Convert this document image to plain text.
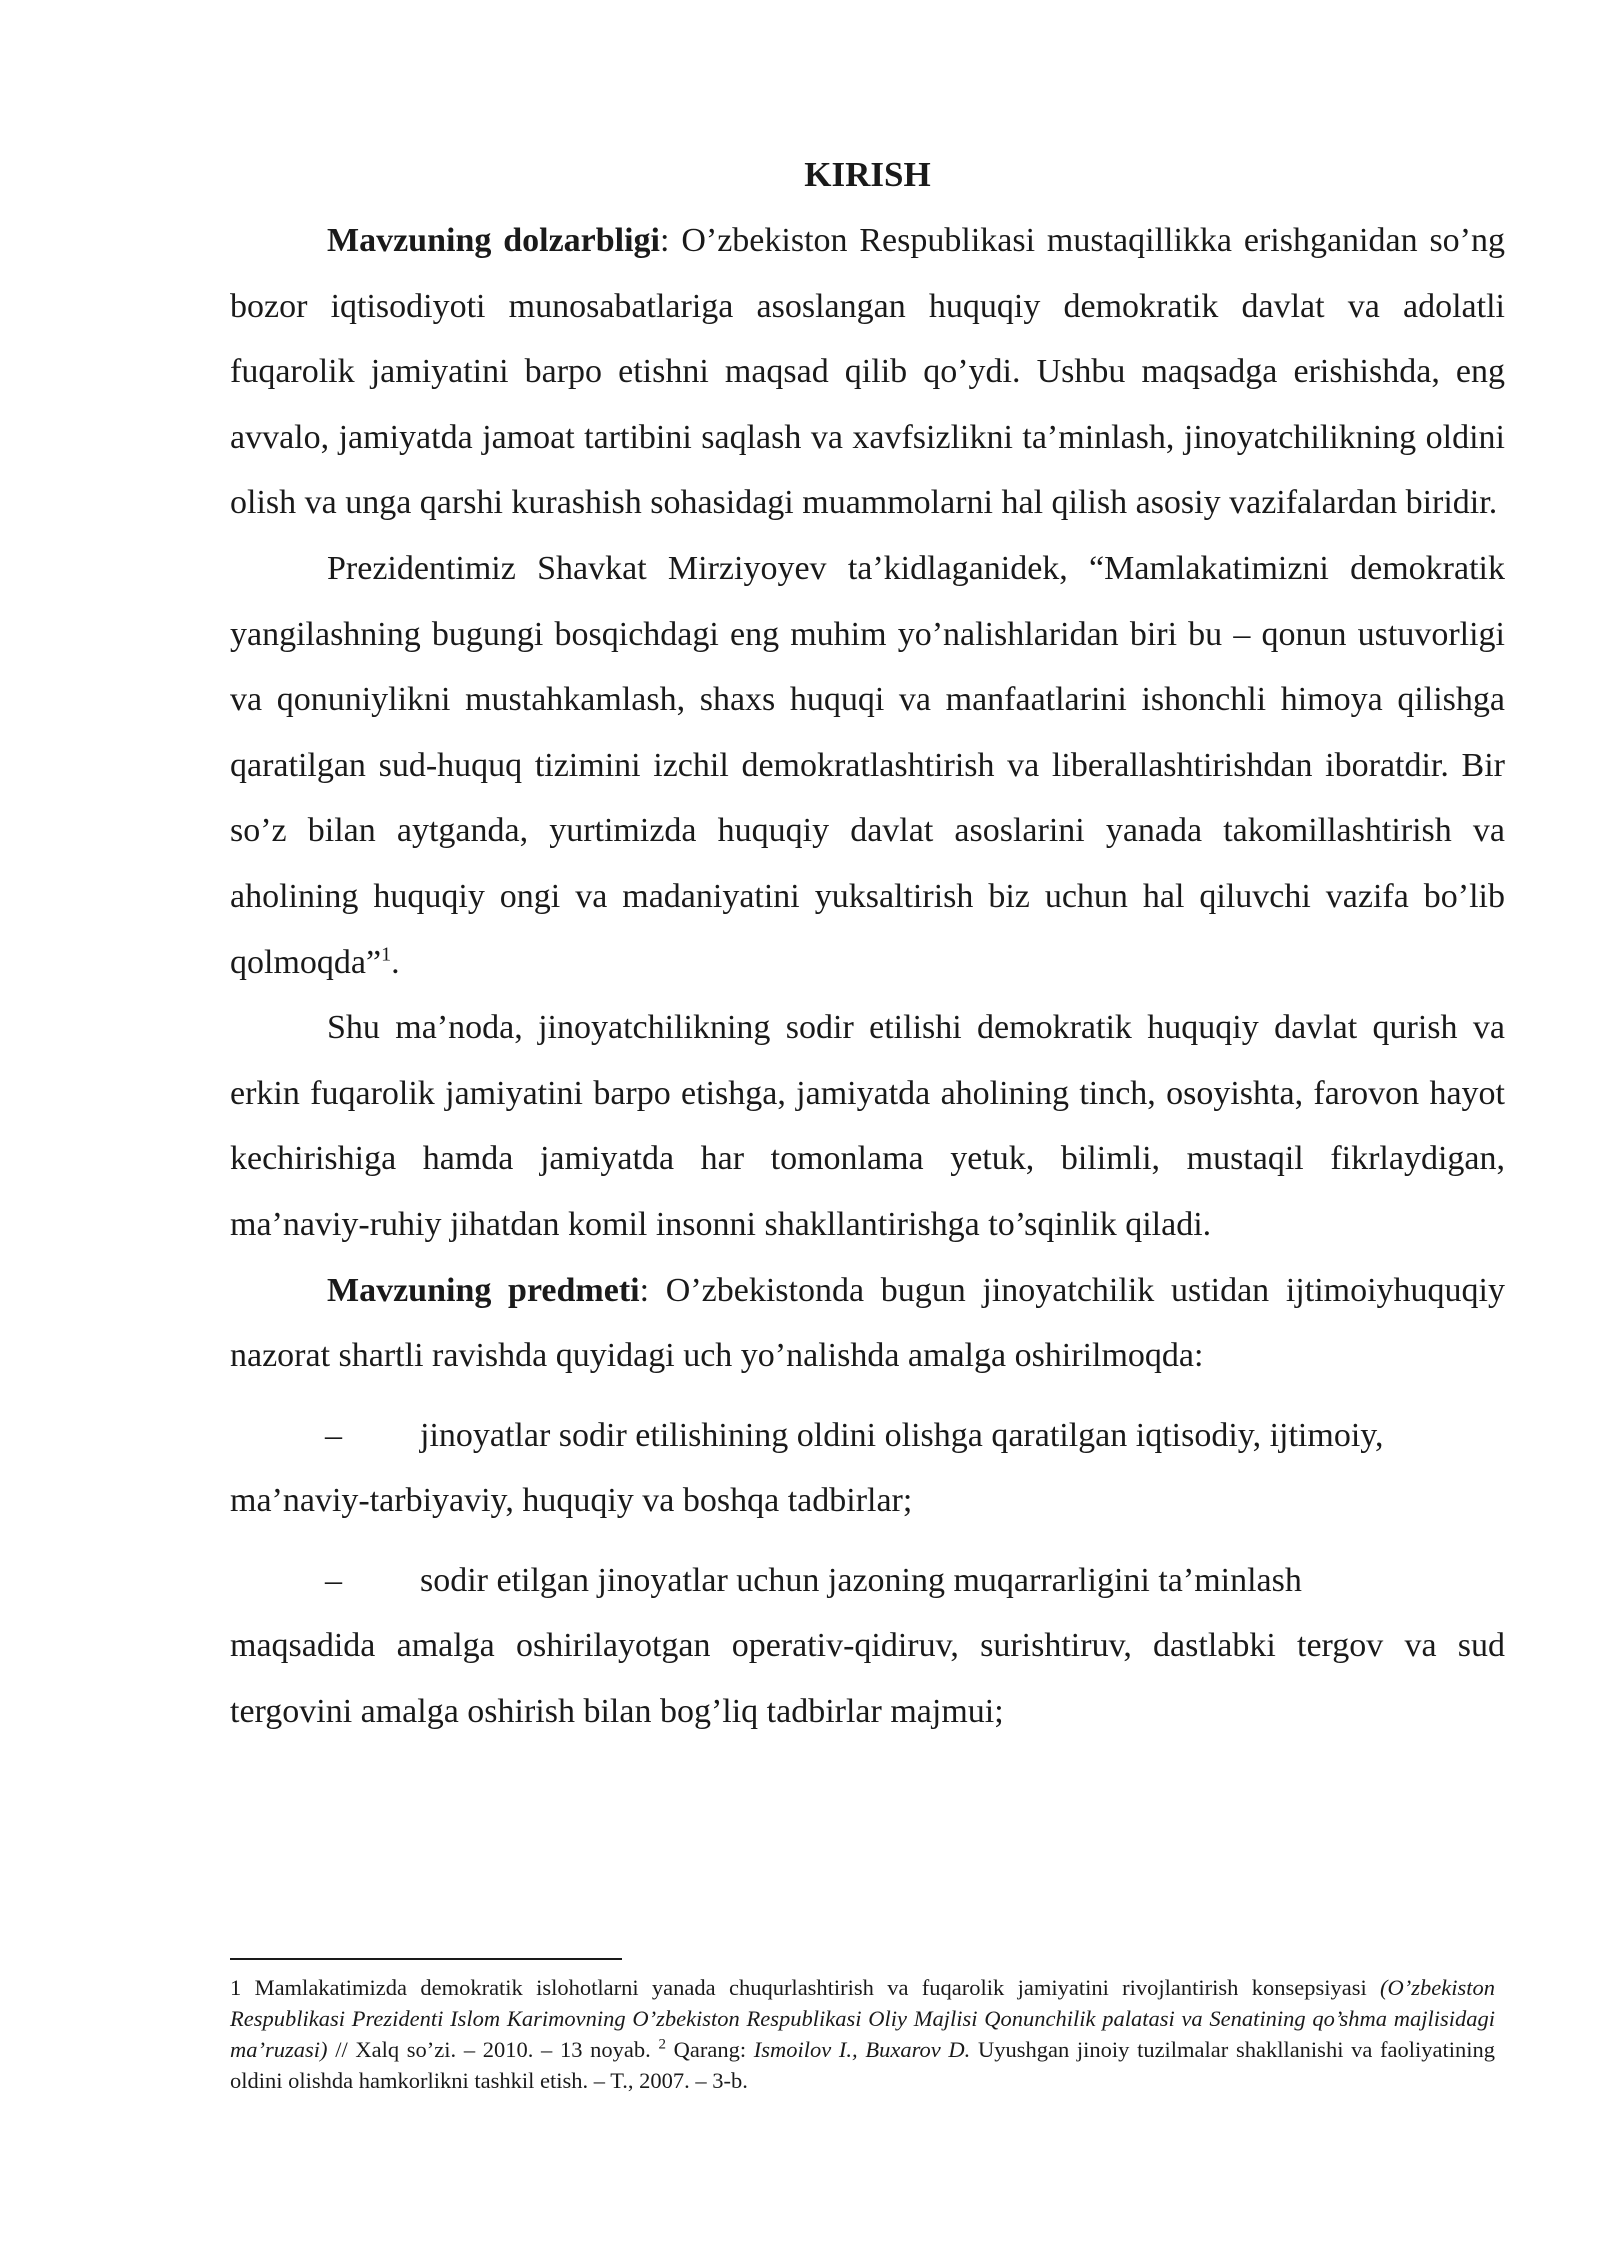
KIRISH

Mavzuning dolzarbligi: O’zbekiston Respublikasi mustaqillikka erishganidan so’ng bozor iqtisodiyoti munosabatlariga asoslangan huquqiy demokratik davlat va adolatli fuqarolik jamiyatini barpo etishni maqsad qilib qo’ydi. Ushbu maqsadga erishishda, eng avvalo, jamiyatda jamoat tartibini saqlash va xavfsizlikni ta’minlash, jinoyatchilikning oldini olish va unga qarshi kurashish sohasidagi muammolarni hal qilish asosiy vazifalardan biridir.

Prezidentimiz Shavkat Mirziyoyev ta’kidlaganidek, “Mamlakatimizni demokratik yangilashning bugungi bosqichdagi eng muhim yo’nalishlaridan biri bu – qonun ustuvorligi va qonuniylikni mustahkamlash, shaxs huquqi va manfaatlarini ishonchli himoya qilishga qaratilgan sud-huquq tizimini izchil demokratlashtirish va liberallashtirishdan iboratdir. Bir so’z bilan aytganda, yurtimizda huquqiy davlat asoslarini yanada takomillashtirish va aholining huquqiy ongi va madaniyatini yuksaltirish biz uchun hal qiluvchi vazifa bo’lib qolmoqda”$^1$.

Shu ma’noda, jinoyatchilikning sodir etilishi demokratik huquqiy davlat qurish va erkin fuqarolik jamiyatini barpo etishga, jamiyatda aholining tinch, osoyishta, farovon hayot kechirishiga hamda jamiyatda har tomonlama yetuk, bilimli, mustaqil fikrlaydigan, ma’naviy-ruhiy jihatdan komil insonni shakllantirishga to’sqinlik qiladi.

Mavzuning predmeti: O’zbekistonda bugun jinoyatchilik ustidan ijtimoiyhuquqiy nazorat shartli ravishda quyidagi uch yo’nalishda amalga oshirilmoqda:

– jinoyatlar sodir etilishining oldini olishga qaratilgan iqtisodiy, ijtimoiy,
ma’naviy-tarbiyaviy, huquqiy va boshqa tadbirlar;
– sodir etilgan jinoyatlar uchun jazoning muqarrarligini ta’minlash
maqsadida amalga oshirilayotgan operativ-qidiruv, surishtiruv, dastlabki tergov va sud tergovini amalga oshirish bilan bog’liq tadbirlar majmui;
1 Mamlakatimizda demokratik islohotlarni yanada chuqurlashtirish va fuqarolik jamiyatini rivojlantirish konsepsiyasi (O’zbekiston Respublikasi Prezidenti Islom Karimovning O’zbekiston Respublikasi Oliy Majlisi Qonunchilik palatasi va Senatining qo’shma majlisidagi ma’ruzasi) // Xalq so’zi. – 2010. – 13 noyab. $^2$ Qarang: Ismoilov I., Buxarov D. Uyushgan jinoiy tuzilmalar shakllanishi va faoliyatining oldini olishda hamkorlikni tashkil etish. – T., 2007. – 3-b.
